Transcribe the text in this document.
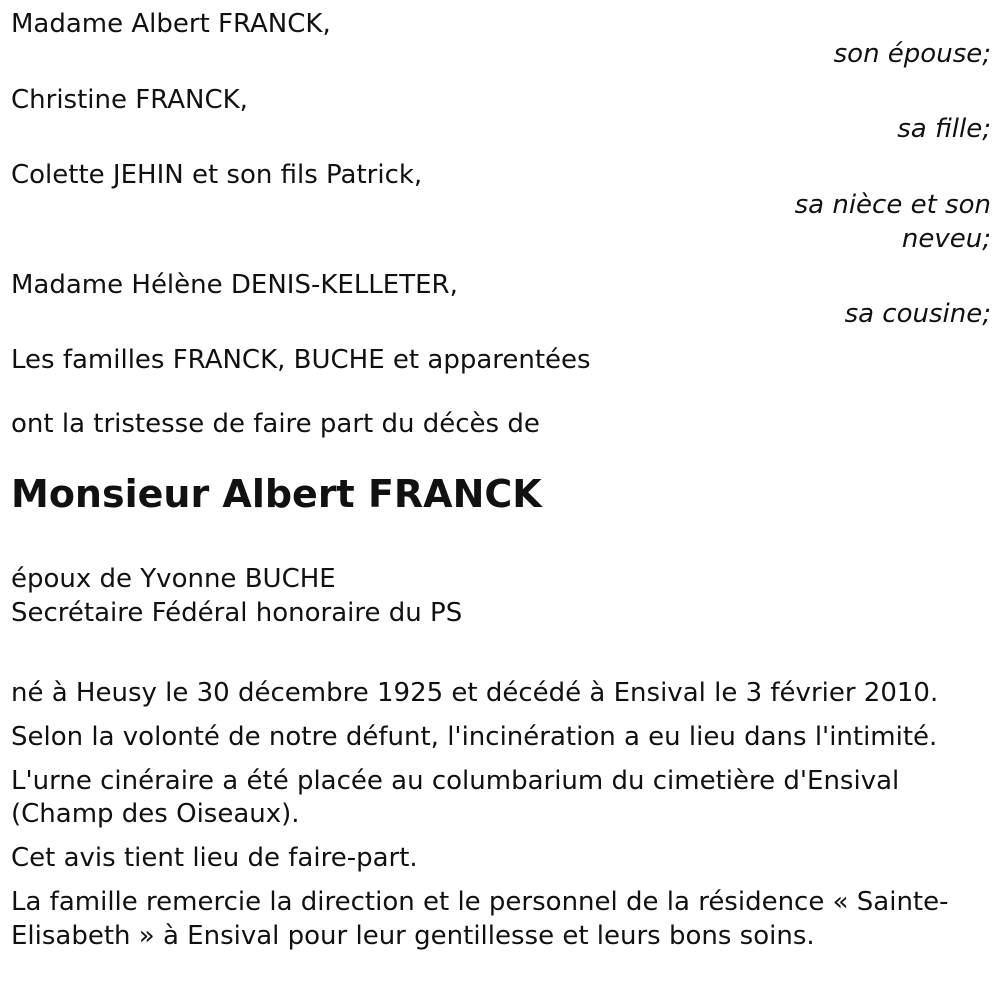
Madame Albert FRANCK,
son épouse;
Christine FRANCK,
sa fille;
Colette JEHIN et son fils Patrick,
sa nièce et son neveu;
Madame Hélène DENIS-KELLETER,
sa cousine;
Les familles FRANCK, BUCHE et apparentées
ont la tristesse de faire part du décès de
Monsieur Albert FRANCK
époux de Yvonne BUCHE
Secrétaire Fédéral honoraire du PS

né à Heusy le 30 décembre 1925 et décédé à Ensival le 3 février 2010.

Selon la volonté de notre défunt, l'incinération a eu lieu dans l'intimité.

L'urne cinéraire a été placée au columbarium du cimetière d'Ensival (Champ des Oiseaux).

Cet avis tient lieu de faire-part.

La famille remercie la direction et le personnel de la résidence « Sainte-Elisabeth » à Ensival pour leur gentillesse et leurs bons soins.
